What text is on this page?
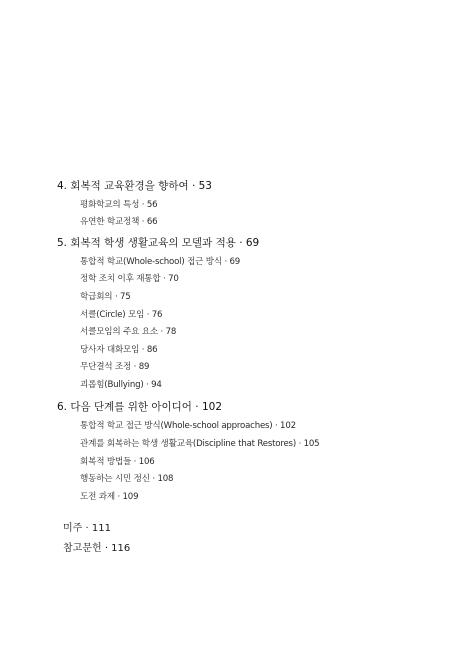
4. 회복적 교육환경을 향하여 · 53
평화학교의 특성 · 56
유연한 학교정책 · 66
5. 회복적 학생 생활교육의 모델과 적용 · 69
통합적 학교(Whole-school) 접근 방식 · 69
정학 조치 이후 재통합 · 70
학급회의 · 75
서클(Circle) 모임 · 76
서클모임의 주요 요소 · 78
당사자 대화모임 · 86
무단결석 조정 · 89
괴롭힘(Bullying) · 94
6. 다음 단계를 위한 아이디어 · 102
통합적 학교 접근 방식(Whole-school approaches) · 102
관계를 회복하는 학생 생활교육(Discipline that Restores) · 105
회복적 방법들 · 106
행동하는 시민 정신 · 108
도전 과제 · 109
미주 · 111
참고문헌 · 116
